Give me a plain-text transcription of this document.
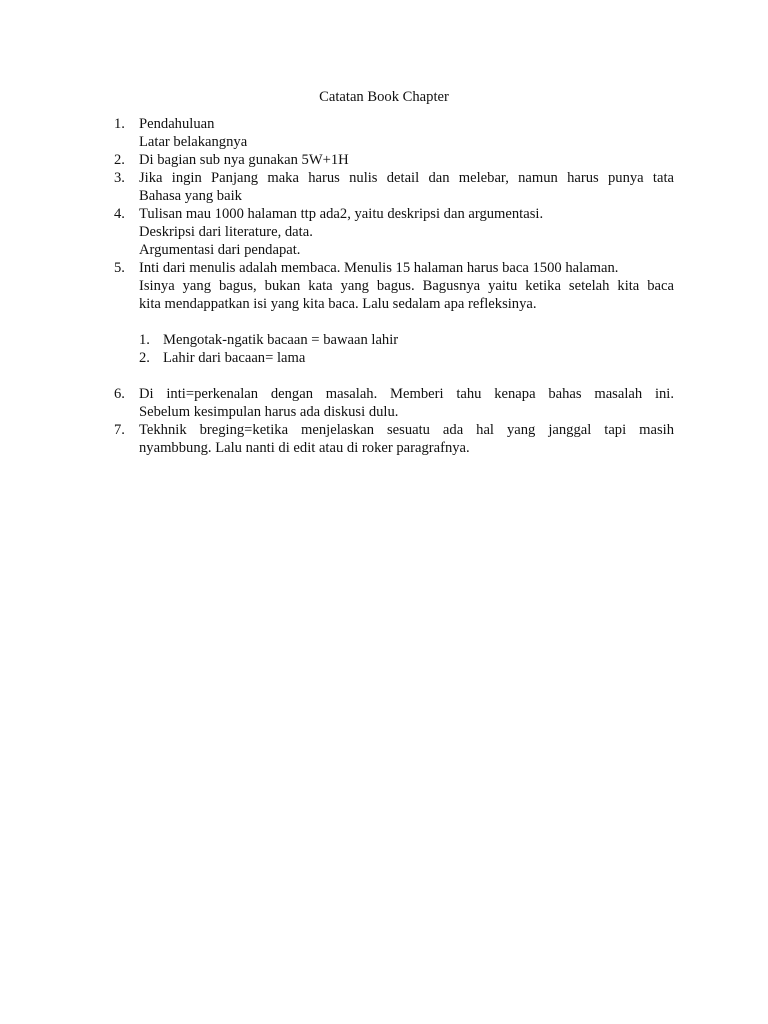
Catatan Book Chapter
1. Pendahuluan
Latar belakangnya
2. Di bagian sub nya gunakan 5W+1H
3. Jika ingin Panjang maka harus nulis detail dan melebar, namun harus punya tata
Bahasa yang baik
4. Tulisan mau 1000 halaman ttp ada2, yaitu deskripsi dan argumentasi.
Deskripsi dari literature, data.
Argumentasi dari pendapat.
5. Inti dari menulis adalah membaca. Menulis 15 halaman harus baca 1500 halaman.
Isinya yang bagus, bukan kata yang bagus. Bagusnya yaitu ketika setelah kita baca
kita mendappatkan isi yang kita baca. Lalu sedalam apa refleksinya.
1. Mengotak-ngatik bacaan = bawaan lahir
2. Lahir dari bacaan= lama
6. Di inti=perkenalan dengan masalah. Memberi tahu kenapa bahas masalah ini.
Sebelum kesimpulan harus ada diskusi dulu.
7. Tekhnik breging=ketika menjelaskan sesuatu ada hal yang janggal tapi masih
nyambbung. Lalu nanti di edit atau di roker paragrafnya.
